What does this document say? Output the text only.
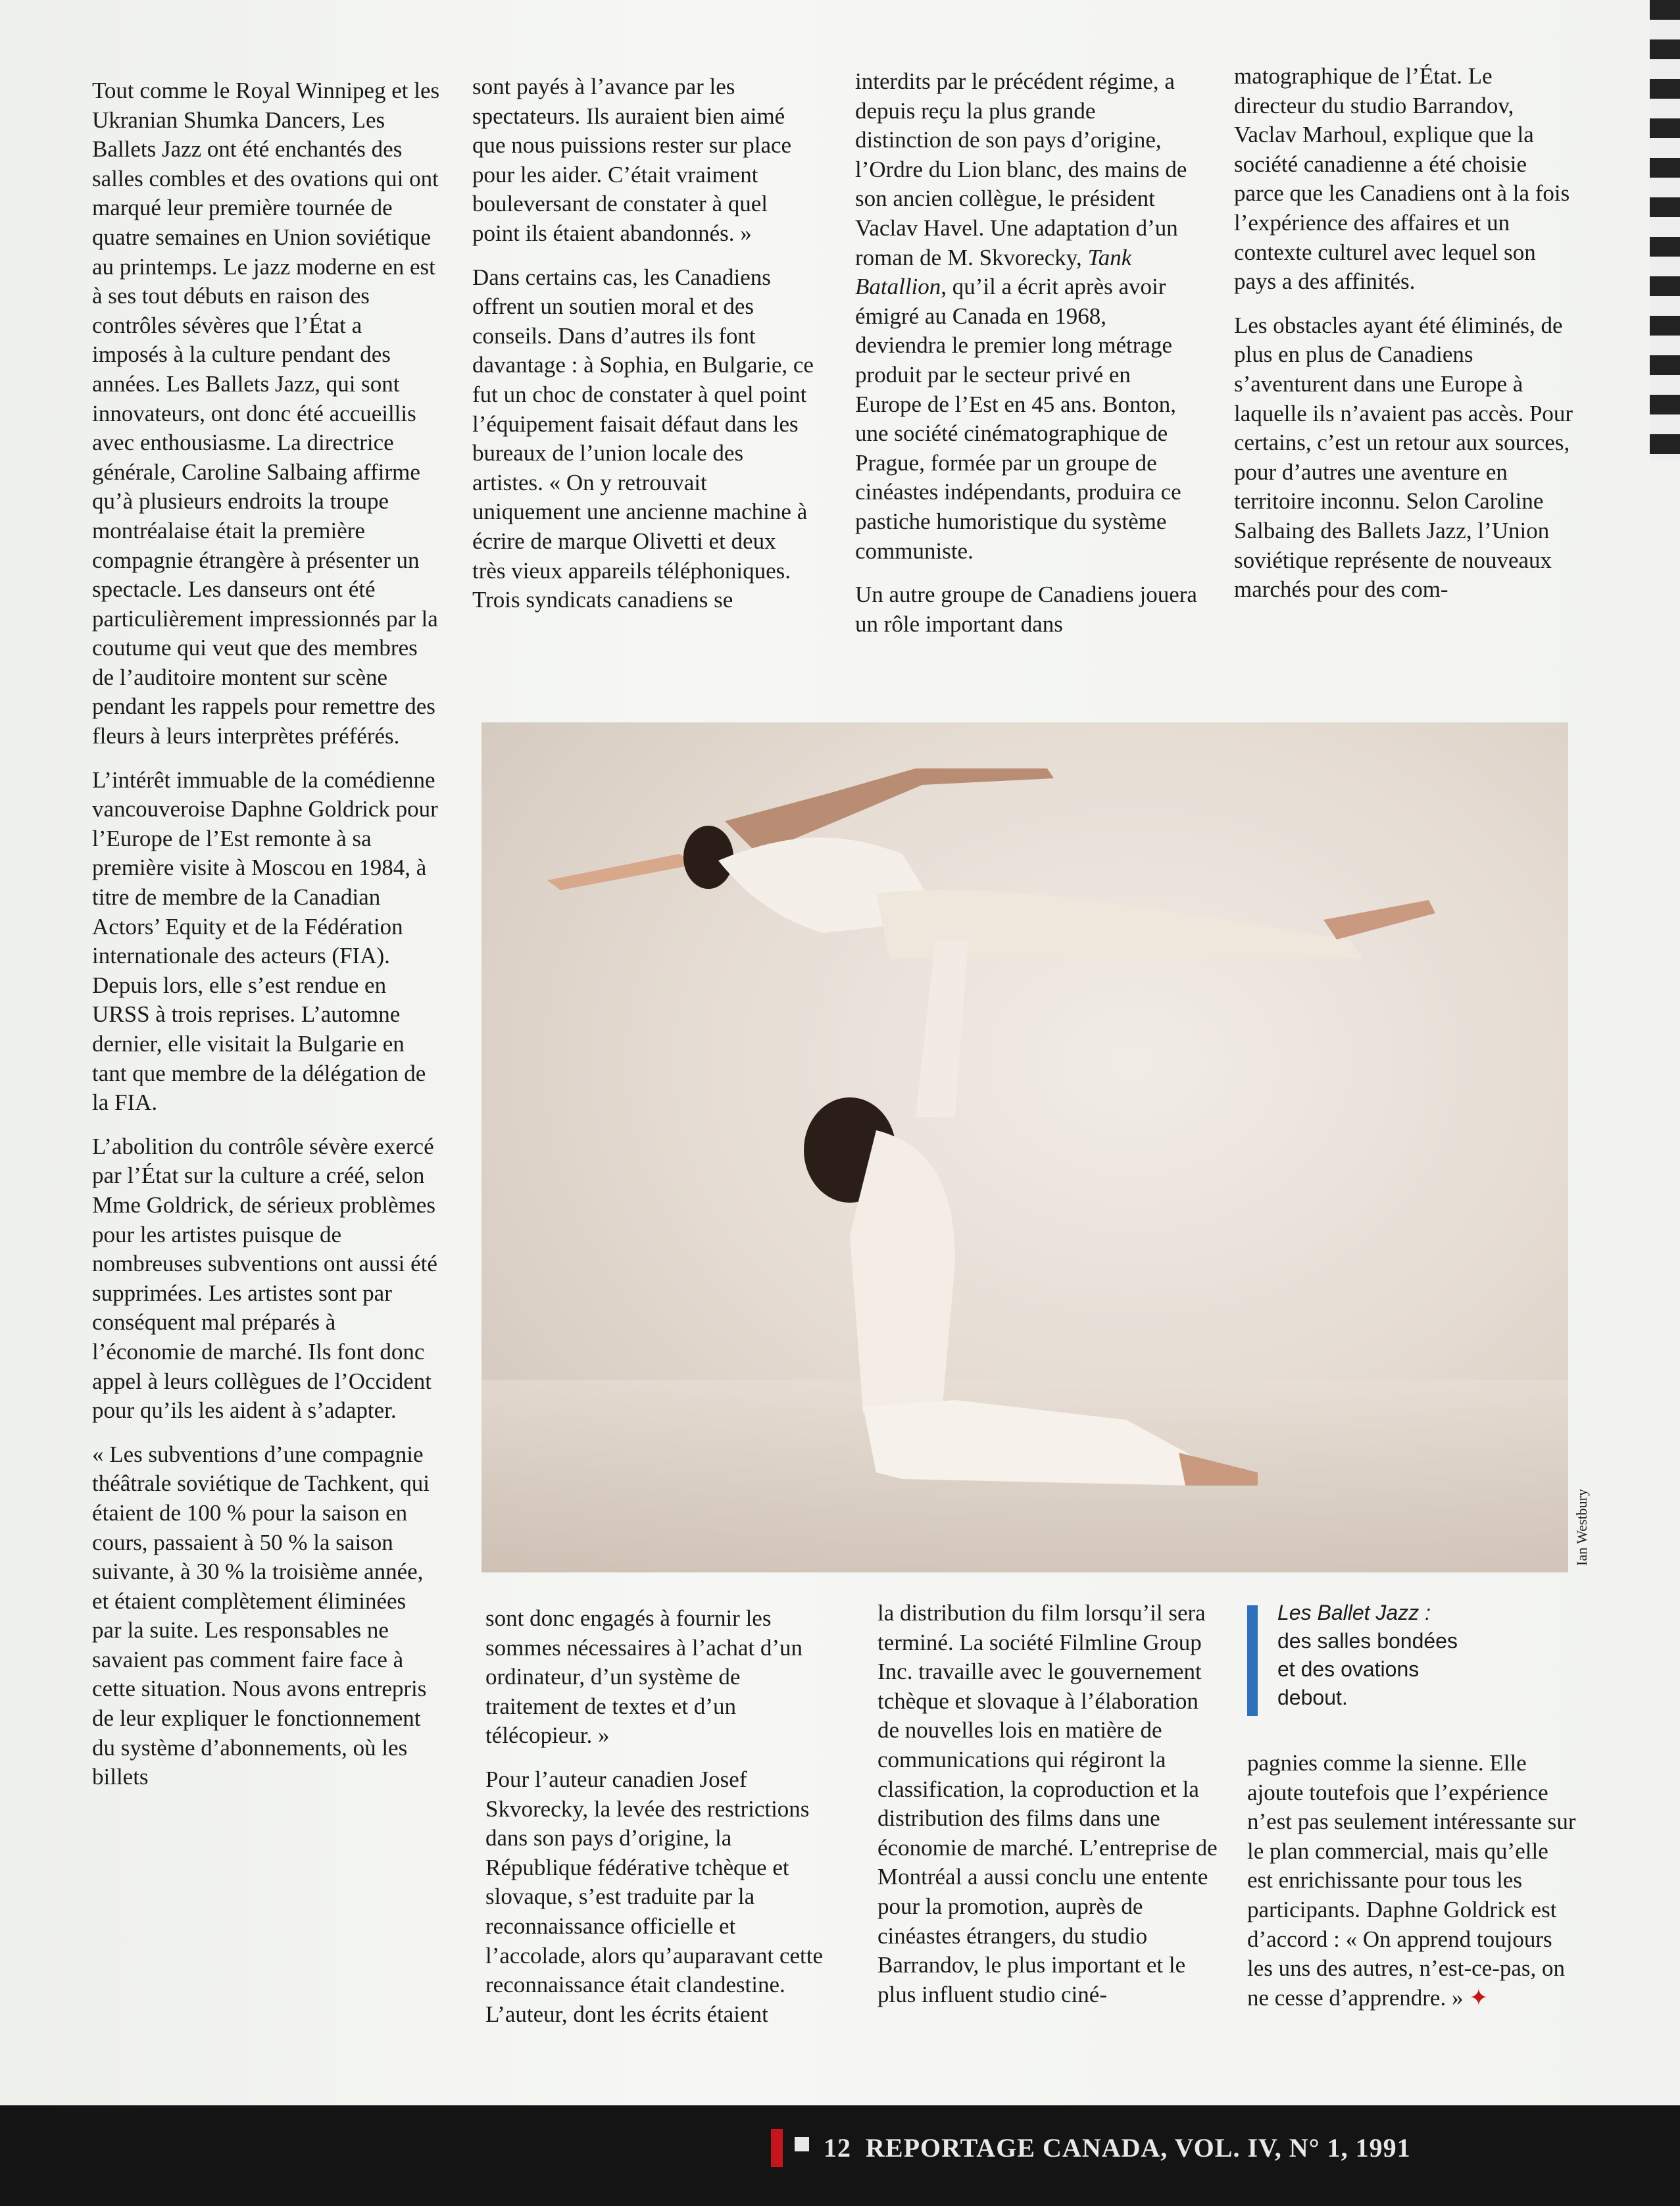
Tout comme le Royal Winnipeg et les Ukranian Shumka Dancers, Les Ballets Jazz ont été enchantés des salles combles et des ovations qui ont marqué leur première tournée de quatre semaines en Union soviétique au printemps. Le jazz moderne en est à ses tout débuts en raison des contrôles sévères que l’État a imposés à la culture pendant des années. Les Ballets Jazz, qui sont innovateurs, ont donc été accueillis avec enthousiasme. La directrice générale, Caroline Salbaing affirme qu’à plusieurs endroits la troupe montréalaise était la première compagnie étrangère à présenter un spectacle. Les danseurs ont été particulièrement impressionnés par la coutume qui veut que des membres de l’auditoire montent sur scène pendant les rappels pour remettre des fleurs à leurs interprètes préférés.

L’intérêt immuable de la comédienne vancouveroise Daphne Goldrick pour l’Europe de l’Est remonte à sa première visite à Moscou en 1984, à titre de membre de la Canadian Actors’ Equity et de la Fédération internationale des acteurs (FIA). Depuis lors, elle s’est rendue en URSS à trois reprises. L’automne dernier, elle visitait la Bulgarie en tant que membre de la délégation de la FIA.

L’abolition du contrôle sévère exercé par l’État sur la culture a créé, selon Mme Goldrick, de sérieux problèmes pour les artistes puisque de nombreuses subventions ont aussi été supprimées. Les artistes sont par conséquent mal préparés à l’économie de marché. Ils font donc appel à leurs collègues de l’Occident pour qu’ils les aident à s’adapter.

« Les subventions d’une compagnie théâtrale soviétique de Tachkent, qui étaient de 100 % pour la saison en cours, passaient à 50 % la saison suivante, à 30 % la troisième année, et étaient complètement éliminées par la suite. Les responsables ne savaient pas comment faire face à cette situation. Nous avons entrepris de leur expliquer le fonctionnement du système d’abonnements, où les billets

sont payés à l’avance par les spectateurs. Ils auraient bien aimé que nous puissions rester sur place pour les aider. C’était vraiment bouleversant de constater à quel point ils étaient abandonnés. »

Dans certains cas, les Canadiens offrent un soutien moral et des conseils. Dans d’autres ils font davantage : à Sophia, en Bulgarie, ce fut un choc de constater à quel point l’équipement faisait défaut dans les bureaux de l’union locale des artistes. « On y retrouvait uniquement une ancienne machine à écrire de marque Olivetti et deux très vieux appareils téléphoniques. Trois syndicats canadiens se

interdits par le précédent régime, a depuis reçu la plus grande distinction de son pays d’origine, l’Ordre du Lion blanc, des mains de son ancien collègue, le président Vaclav Havel. Une adaptation d’un roman de M. Skvorecky, Tank Batallion, qu’il a écrit après avoir émigré au Canada en 1968, deviendra le premier long métrage produit par le secteur privé en Europe de l’Est en 45 ans. Bonton, une société cinématographique de Prague, formée par un groupe de cinéastes indépendants, produira ce pastiche humoristique du système communiste.

Un autre groupe de Canadiens jouera un rôle important dans

matographique de l’État. Le directeur du studio Barrandov, Vaclav Marhoul, explique que la société canadienne a été choisie parce que les Canadiens ont à la fois l’expérience des affaires et un contexte culturel avec lequel son pays a des affinités.

Les obstacles ayant été éliminés, de plus en plus de Canadiens s’aventurent dans une Europe à laquelle ils n’avaient pas accès. Pour certains, c’est un retour aux sources, pour d’autres une aventure en territoire inconnu. Selon Caroline Salbaing des Ballets Jazz, l’Union soviétique représente de nouveaux marchés pour des com-

Ian Westbury

sont donc engagés à fournir les sommes nécessaires à l’achat d’un ordinateur, d’un système de traitement de textes et d’un télécopieur. »

Pour l’auteur canadien Josef Skvorecky, la levée des restrictions dans son pays d’origine, la République fédérative tchèque et slovaque, s’est traduite par la reconnaissance officielle et l’accolade, alors qu’auparavant cette reconnaissance était clandestine. L’auteur, dont les écrits étaient

la distribution du film lorsqu’il sera terminé. La société Filmline Group Inc. travaille avec le gouvernement tchèque et slovaque à l’élaboration de nouvelles lois en matière de communications qui régiront la classification, la coproduction et la distribution des films dans une économie de marché. L’entreprise de Montréal a aussi conclu une entente pour la promotion, auprès de cinéastes étrangers, du studio Barrandov, le plus important et le plus influent studio ciné-

Les Ballet Jazz :
des salles bondées
et des ovations
debout.

pagnies comme la sienne. Elle ajoute toutefois que l’expérience n’est pas seulement intéressante sur le plan commercial, mais qu’elle est enrichissante pour tous les participants. Daphne Goldrick est d’accord : « On apprend toujours les uns des autres, n’est-ce-pas, on ne cesse d’apprendre. » ✦

12 REPORTAGE CANADA, VOL. IV, N° 1, 1991
